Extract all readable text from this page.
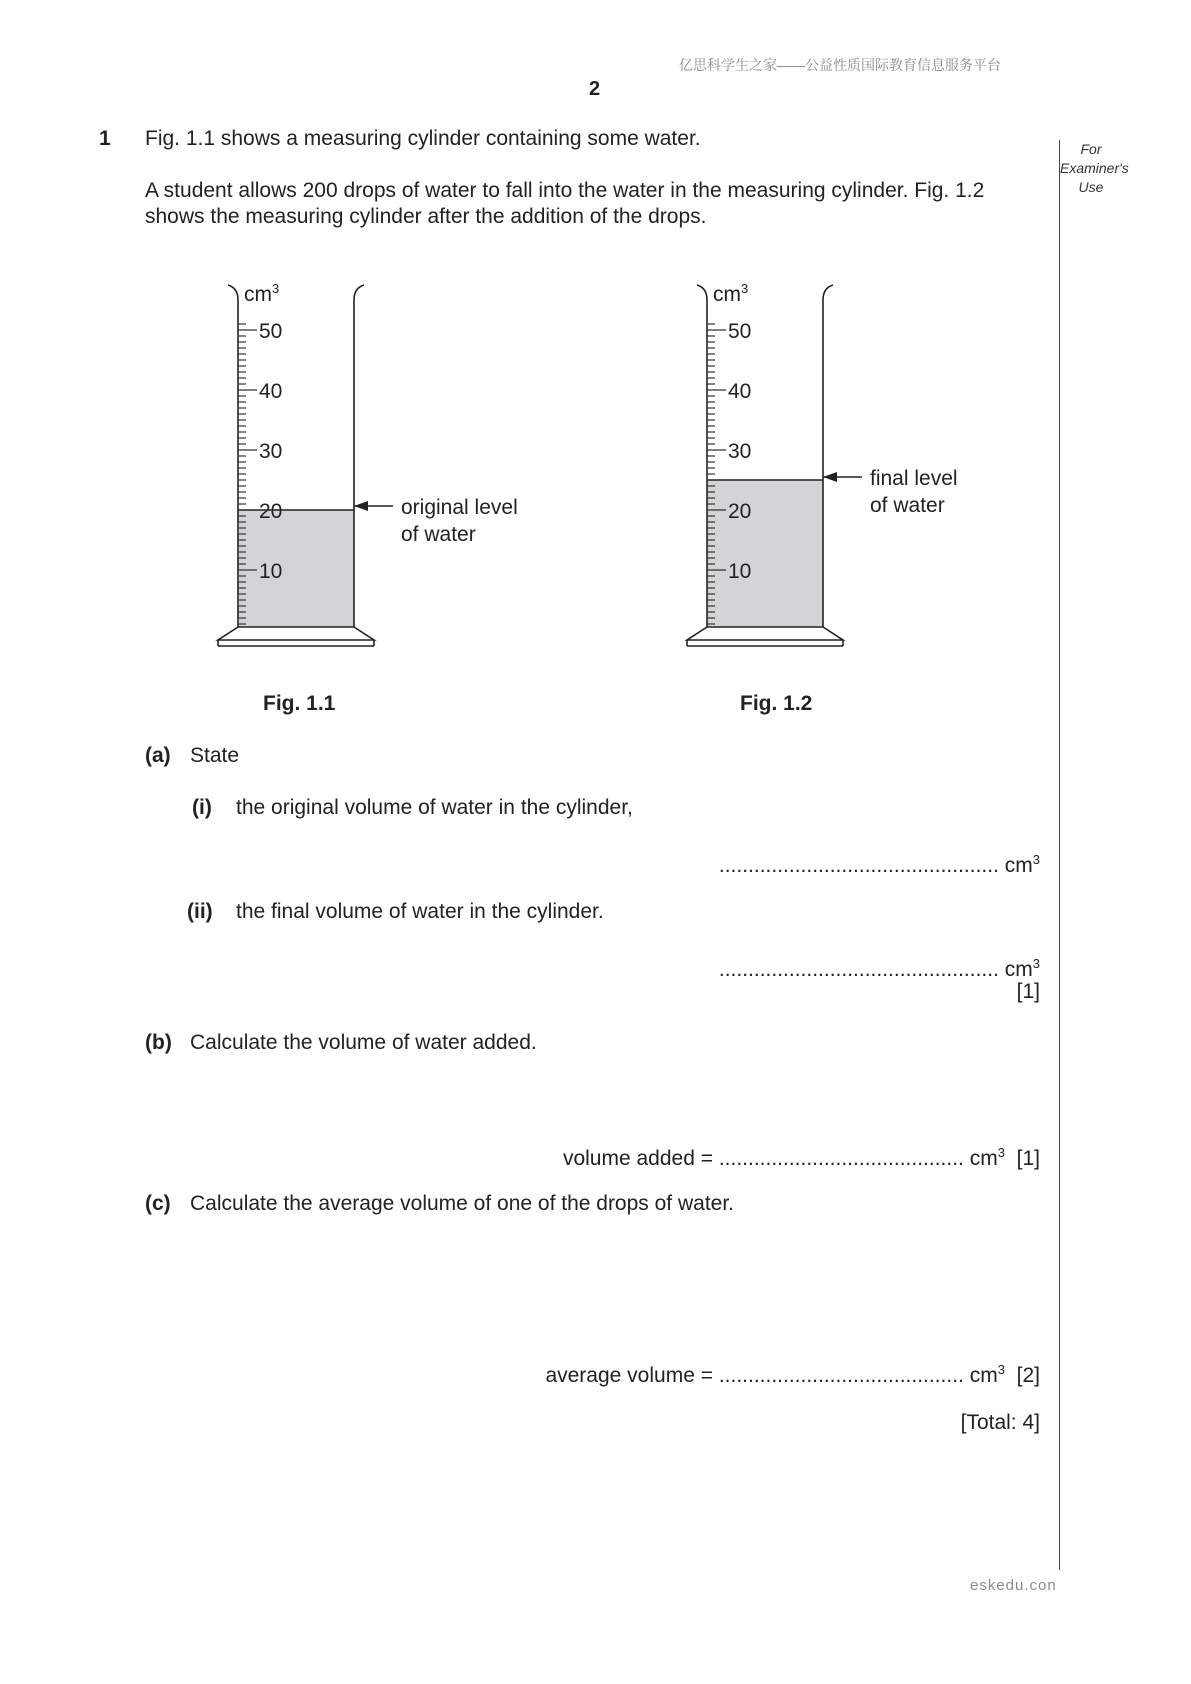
亿思科学生之家——公益性质国际教育信息服务平台
2
For
Examiner's
Use
1 Fig. 1.1 shows a measuring cylinder containing some water.
A student allows 200 drops of water to fall into the water in the measuring cylinder. Fig. 1.2
shows the measuring cylinder after the addition of the drops.
10
20
30
40
50
$cm^3$
10
20
30
40
50
$cm^3$
original level
of water
final level
of water
Fig. 1.1	Fig. 1.2
(a) State
(i) the original volume of water in the cylinder,
................................................ $cm^3$
(ii) the final volume of water in the cylinder.
................................................ $cm^3$
[1]
(b) Calculate the volume of water added.
volume added = .......................................... $cm^3$ [1]
(c) Calculate the average volume of one of the drops of water.
average volume = .......................................... $cm^3$ [2]
[Total: 4]
eskedu.con
